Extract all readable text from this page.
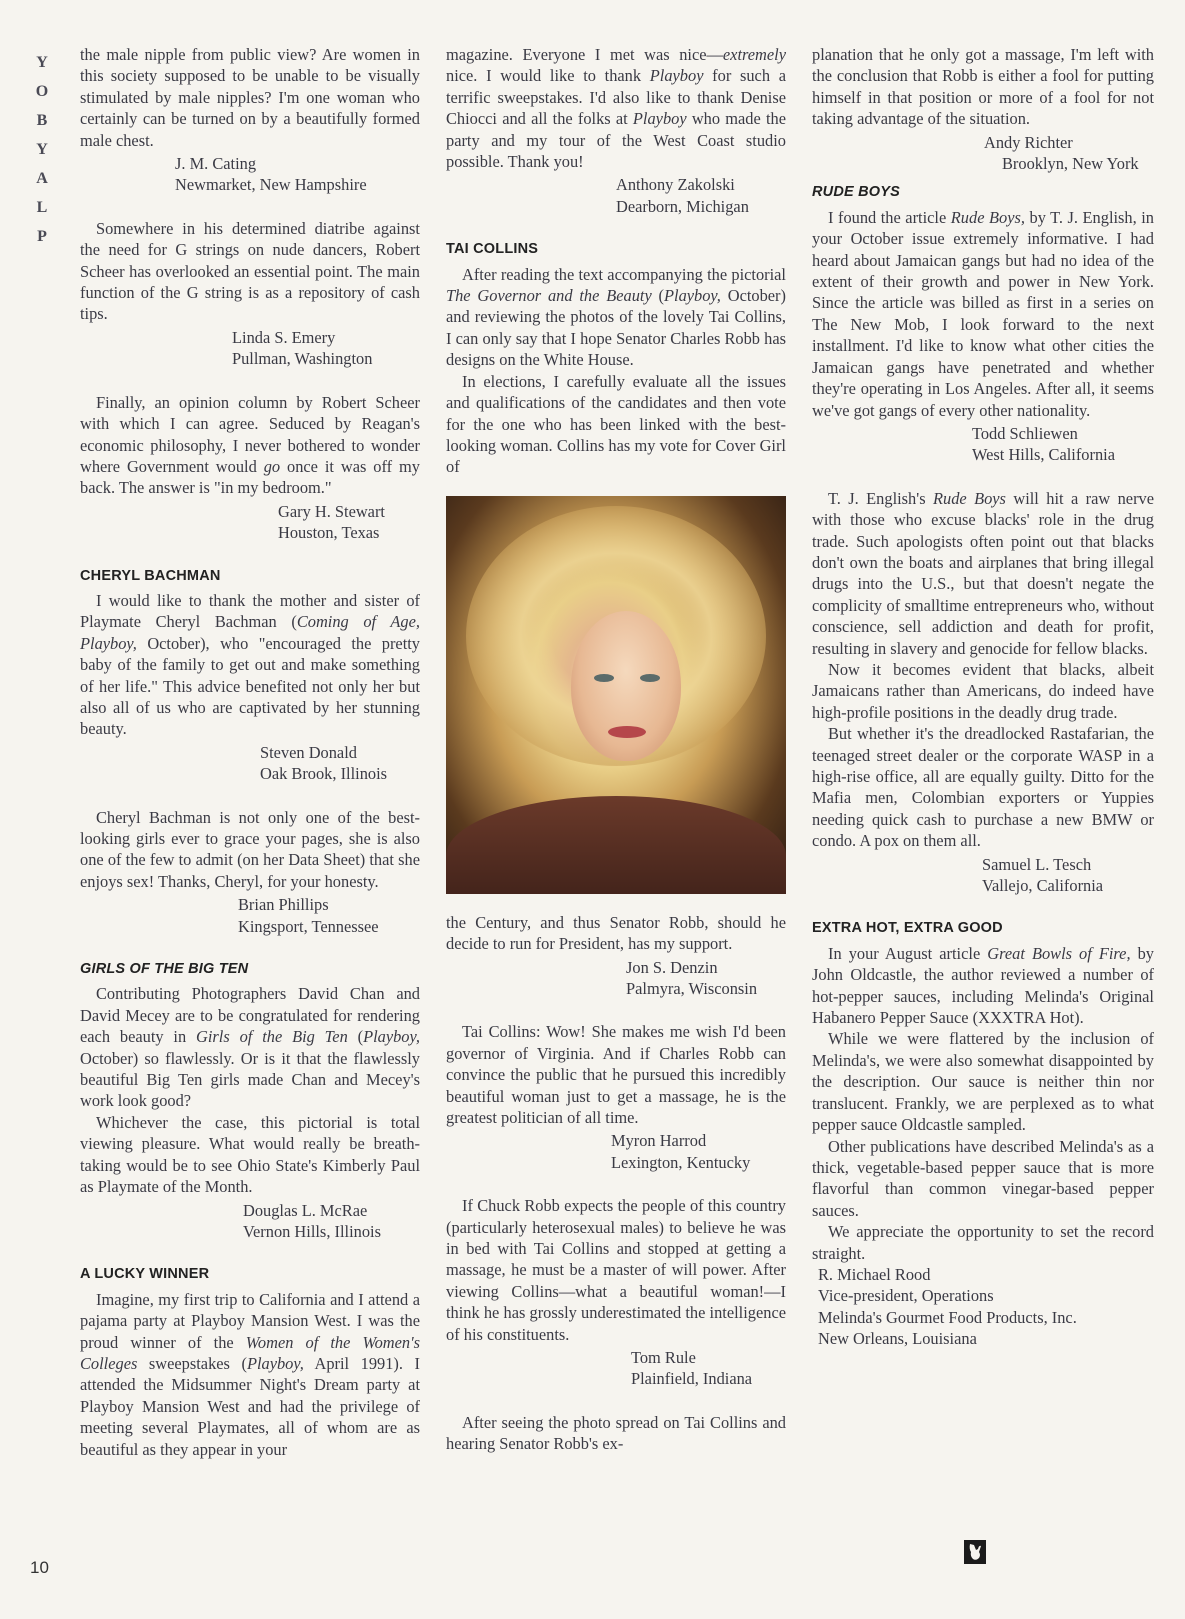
Y
O
B
Y
A
L
P
10

the male nipple from public view? Are women in this society supposed to be unable to be visually stimulated by male nipples? I'm one woman who certainly can be turned on by a beautifully formed male chest.

J. M. Cating
Newmarket, New Hampshire

Somewhere in his determined diatribe against the need for G strings on nude dancers, Robert Scheer has overlooked an essential point. The main function of the G string is as a repository of cash tips.

Linda S. Emery
Pullman, Washington

Finally, an opinion column by Robert Scheer with which I can agree. Seduced by Reagan's economic philosophy, I never bothered to wonder where Government would go once it was off my back. The answer is "in my bedroom."

Gary H. Stewart
Houston, Texas
CHERYL BACHMAN

I would like to thank the mother and sister of Playmate Cheryl Bachman (Coming of Age, Playboy, October), who "encouraged the pretty baby of the family to get out and make something of her life." This advice benefited not only her but also all of us who are captivated by her stunning beauty.

Steven Donald
Oak Brook, Illinois

Cheryl Bachman is not only one of the best-looking girls ever to grace your pages, she is also one of the few to admit (on her Data Sheet) that she enjoys sex! Thanks, Cheryl, for your honesty.

Brian Phillips
Kingsport, Tennessee
GIRLS OF THE BIG TEN

Contributing Photographers David Chan and David Mecey are to be congratulated for rendering each beauty in Girls of the Big Ten (Playboy, October) so flawlessly. Or is it that the flawlessly beautiful Big Ten girls made Chan and Mecey's work look good?

Whichever the case, this pictorial is total viewing pleasure. What would really be breath-taking would be to see Ohio State's Kimberly Paul as Playmate of the Month.

Douglas L. McRae
Vernon Hills, Illinois
A LUCKY WINNER

Imagine, my first trip to California and I attend a pajama party at Playboy Mansion West. I was the proud winner of the Women of the Women's Colleges sweepstakes (Playboy, April 1991). I attended the Midsummer Night's Dream party at Playboy Mansion West and had the privilege of meeting several Playmates, all of whom are as beautiful as they appear in your

magazine. Everyone I met was nice—extremely nice. I would like to thank Playboy for such a terrific sweepstakes. I'd also like to thank Denise Chiocci and all the folks at Playboy who made the party and my tour of the West Coast studio possible. Thank you!

Anthony Zakolski
Dearborn, Michigan
TAI COLLINS

After reading the text accompanying the pictorial The Governor and the Beauty (Playboy, October) and reviewing the photos of the lovely Tai Collins, I can only say that I hope Senator Charles Robb has designs on the White House.

In elections, I carefully evaluate all the issues and qualifications of the candidates and then vote for the one who has been linked with the best-looking woman. Collins has my vote for Cover Girl of

the Century, and thus Senator Robb, should he decide to run for President, has my support.

Jon S. Denzin
Palmyra, Wisconsin

Tai Collins: Wow! She makes me wish I'd been governor of Virginia. And if Charles Robb can convince the public that he pursued this incredibly beautiful woman just to get a massage, he is the greatest politician of all time.

Myron Harrod
Lexington, Kentucky

If Chuck Robb expects the people of this country (particularly heterosexual males) to believe he was in bed with Tai Collins and stopped at getting a massage, he must be a master of will power. After viewing Collins—what a beautiful woman!—I think he has grossly underestimated the intelligence of his constituents.

Tom Rule
Plainfield, Indiana

After seeing the photo spread on Tai Collins and hearing Senator Robb's ex-

planation that he only got a massage, I'm left with the conclusion that Robb is either a fool for putting himself in that position or more of a fool for not taking advantage of the situation.

Andy Richter
Brooklyn, New York
RUDE BOYS

I found the article Rude Boys, by T. J. English, in your October issue extremely informative. I had heard about Jamaican gangs but had no idea of the extent of their growth and power in New York. Since the article was billed as first in a series on The New Mob, I look forward to the next installment. I'd like to know what other cities the Jamaican gangs have penetrated and whether they're operating in Los Angeles. After all, it seems we've got gangs of every other nationality.

Todd Schliewen
West Hills, California

T. J. English's Rude Boys will hit a raw nerve with those who excuse blacks' role in the drug trade. Such apologists often point out that blacks don't own the boats and airplanes that bring illegal drugs into the U.S., but that doesn't negate the complicity of smalltime entrepreneurs who, without conscience, sell addiction and death for profit, resulting in slavery and genocide for fellow blacks.

Now it becomes evident that blacks, albeit Jamaicans rather than Americans, do indeed have high-profile positions in the deadly drug trade.

But whether it's the dreadlocked Rastafarian, the teenaged street dealer or the corporate WASP in a high-rise office, all are equally guilty. Ditto for the Mafia men, Colombian exporters or Yuppies needing quick cash to purchase a new BMW or condo. A pox on them all.

Samuel L. Tesch
Vallejo, California
EXTRA HOT, EXTRA GOOD

In your August article Great Bowls of Fire, by John Oldcastle, the author reviewed a number of hot-pepper sauces, including Melinda's Original Habanero Pepper Sauce (XXXTRA Hot).

While we were flattered by the inclusion of Melinda's, we were also somewhat disappointed by the description. Our sauce is neither thin nor translucent. Frankly, we are perplexed as to what pepper sauce Oldcastle sampled.

Other publications have described Melinda's as a thick, vegetable-based pepper sauce that is more flavorful than common vinegar-based pepper sauces.

We appreciate the opportunity to set the record straight.

R. Michael Rood
Vice-president, Operations
Melinda's Gourmet Food Products, Inc.
New Orleans, Louisiana
